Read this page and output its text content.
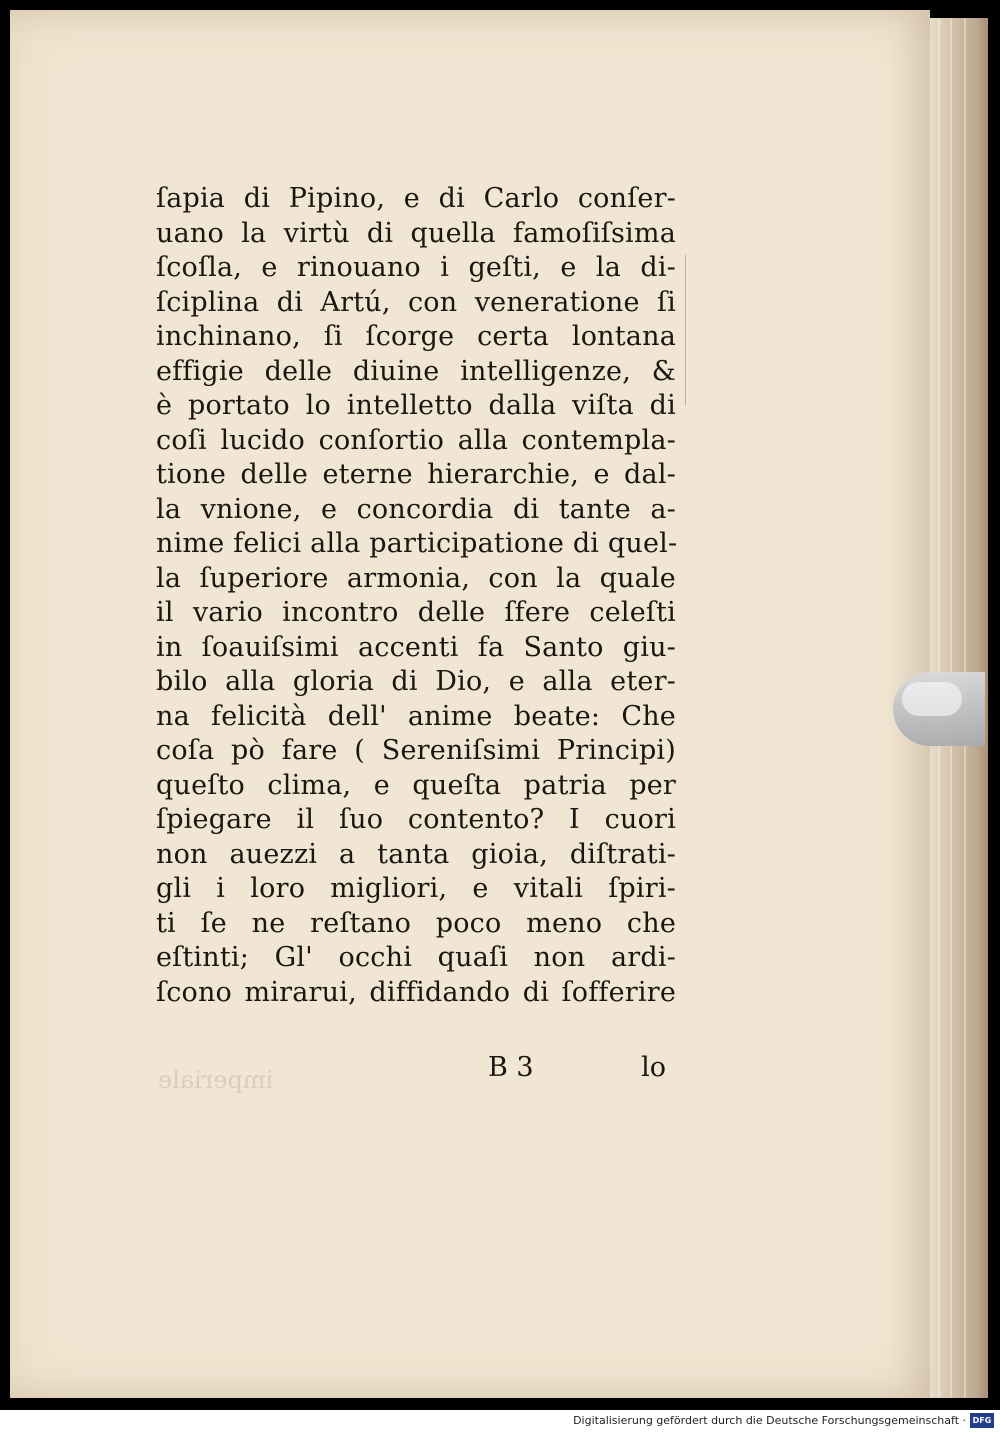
ſapia di Pipino, e di Carlo conſer-
uano la virtù di quella famoſiſsima
ſcoſla, e rinouano i geſti, e la di-
ſciplina di Artú, con veneratione ſi
inchinano, ſi ſcorge certa lontana
effigie delle diuine intelligenze, &
è portato lo intelletto dalla viſta di
coſi lucido conſortio alla contempla-
tione delle eterne hierarchie, e dal-
la vnione, e concordia di tante a-
nime felici alla participatione di quel-
la ſuperiore armonia, con la quale
il vario incontro delle ſfere celeſti
in ſoauiſsimi accenti fa Santo giu-
bilo alla gloria di Dio, e alla eter-
na felicità dell' anime beate: Che
coſa pò fare ( Sereniſsimi Principi)
queſto clima, e queſta patria per
ſpiegare il ſuo contento? I cuori
non auezzi a tanta gioia, diſtrati-
gli i loro migliori, e vitali ſpiri-
ti ſe ne reſtano poco meno che
eſtinti; Gl' occhi quaſi non ardi-
ſcono mirarui, diffidando di ſofferire
B 3	lo
imperiale
Digitalisierung gefördert durch die Deutsche Forschungsgemeinschaft · DFG
